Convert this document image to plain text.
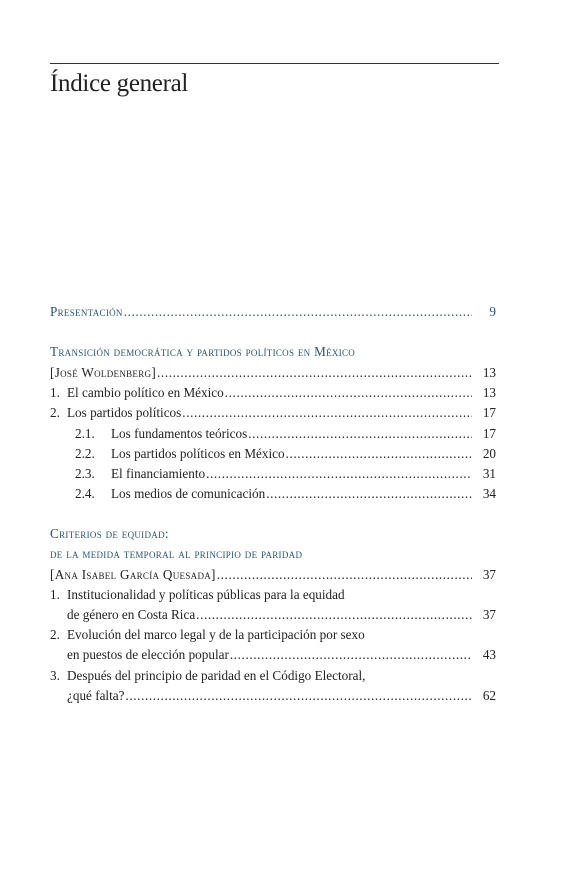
Índice general
Presentación .....	9
Transición democrática y partidos políticos en México
[José Woldenberg] .....	13
1. El cambio político en México .....	13
2. Los partidos políticos .....	17
2.1.	Los fundamentos teóricos .....	17
2.2.	Los partidos políticos en México .....	20
2.3.	El financiamiento .....	31
2.4.	Los medios de comunicación .....	34
Criterios de equidad:
de la medida temporal al principio de paridad
[Ana Isabel García Quesada] .....	37
1. Institucionalidad y políticas públicas para la equidad
de género en Costa Rica .....	37
2. Evolución del marco legal y de la participación por sexo
en puestos de elección popular .....	43
3. Después del principio de paridad en el Código Electoral,
¿qué falta? .....	62
